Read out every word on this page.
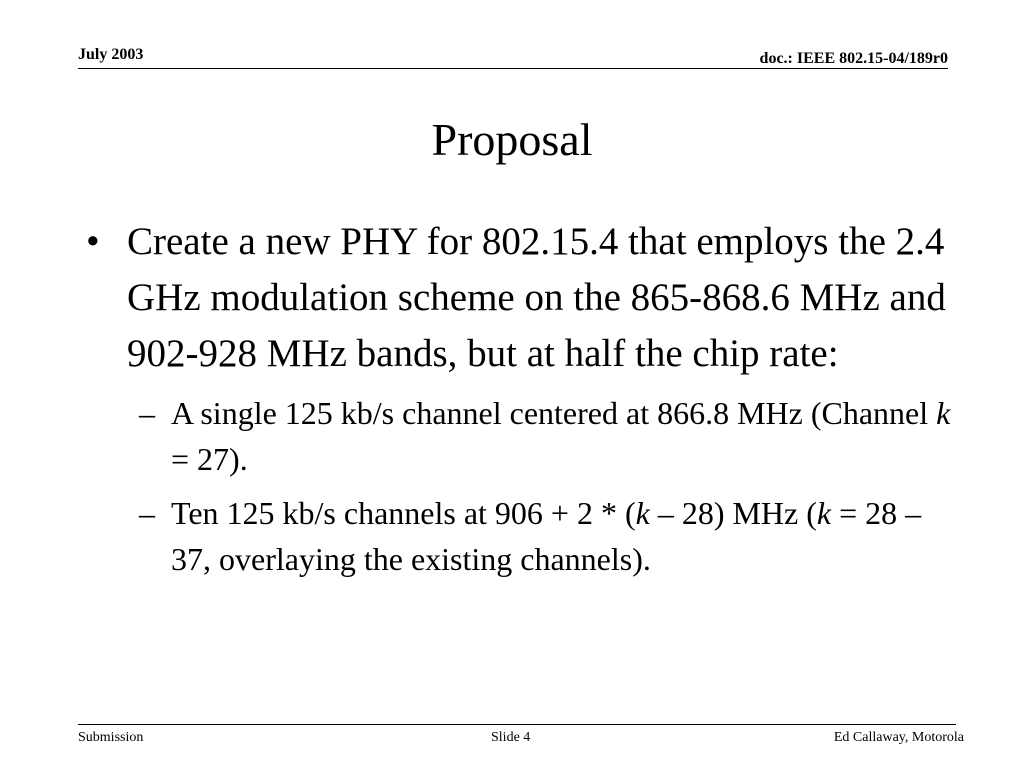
July 2003	doc.: IEEE 802.15-04/189r0
Proposal
• Create a new PHY for 802.15.4 that employs the 2.4 GHz modulation scheme on the 865-868.6 MHz and 902-928 MHz bands, but at half the chip rate:
– A single 125 kb/s channel centered at 866.8 MHz (Channel k = 27).
– Ten 125 kb/s channels at 906 + 2 * (k – 28) MHz (k = 28 – 37, overlaying the existing channels).
Submission	Slide 4	Ed Callaway, Motorola
